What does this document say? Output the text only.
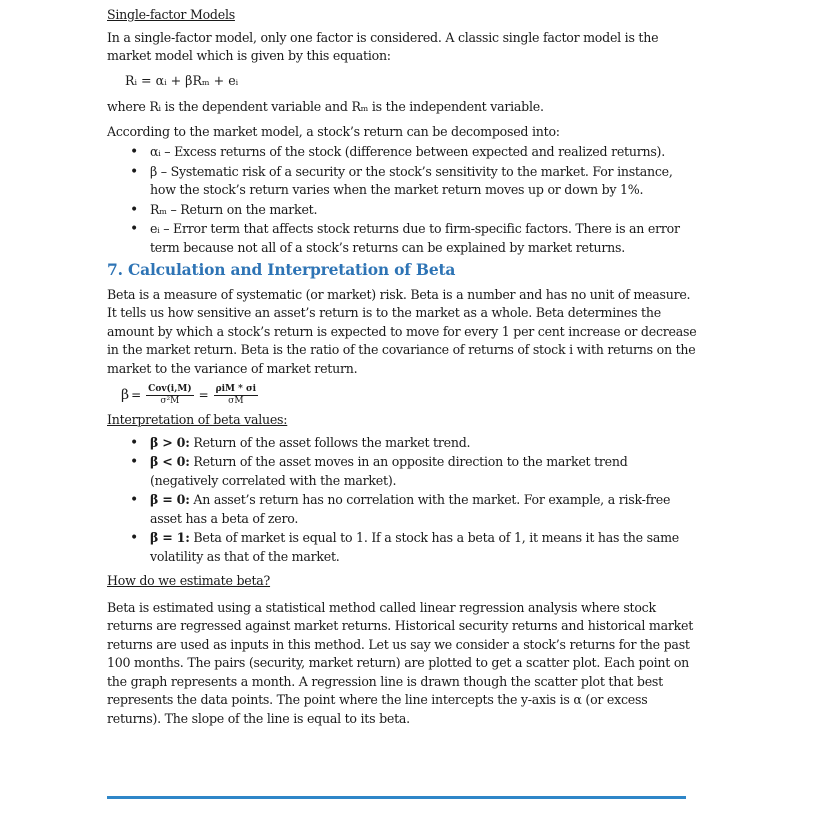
Single-factor Models

In a single-factor model, only one factor is considered. A classic single factor model is the market model which is given by this equation:

Rᵢ = αᵢ + βRₘ + eᵢ

where Rᵢ is the dependent variable and Rₘ is the independent variable.

According to the market model, a stock’s return can be decomposed into:

• αᵢ – Excess returns of the stock (difference between expected and realized returns).
• β – Systematic risk of a security or the stock’s sensitivity to the market. For instance, how the stock’s return varies when the market return moves up or down by 1%.
• Rₘ – Return on the market.
• eᵢ – Error term that affects stock returns due to firm-specific factors. There is an error term because not all of a stock’s returns can be explained by market returns.
7. Calculation and Interpretation of Beta

Beta is a measure of systematic (or market) risk. Beta is a number and has no unit of measure. It tells us how sensitive an asset’s return is to the market as a whole. Beta determines the amount by which a stock’s return is expected to move for every 1 per cent increase or decrease in the market return. Beta is the ratio of the covariance of returns of stock i with returns on the market to the variance of market return.

$\beta = \frac{\text{Cov(i,M)}}{\text{σ²M}} = \frac{\text{ρiM * σi}}{\sigma M}$
Interpretation of beta values:
• β > 0: Return of the asset follows the market trend.
• β < 0: Return of the asset moves in an opposite direction to the market trend (negatively correlated with the market).
• β = 0: An asset’s return has no correlation with the market. For example, a risk-free asset has a beta of zero.
• β = 1: Beta of market is equal to 1. If a stock has a beta of 1, it means it has the same volatility as that of the market.
How do we estimate beta?

Beta is estimated using a statistical method called linear regression analysis where stock returns are regressed against market returns. Historical security returns and historical market returns are used as inputs in this method. Let us say we consider a stock’s returns for the past 100 months. The pairs (security, market return) are plotted to get a scatter plot. Each point on the graph represents a month. A regression line is drawn though the scatter plot that best represents the data points. The point where the line intercepts the y-axis is α (or excess returns). The slope of the line is equal to its beta.
